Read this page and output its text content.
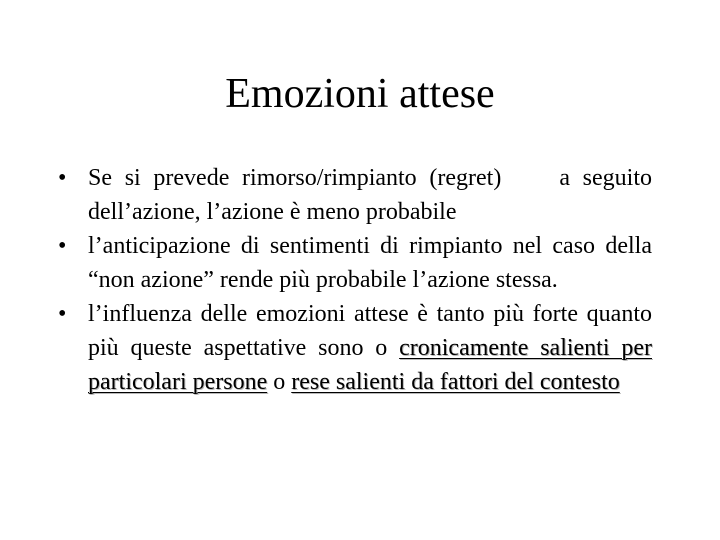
Emozioni attese
• Se si prevede rimorso/rimpianto (regret) a seguito dell’azione, l’azione è meno probabile
• l’anticipazione di sentimenti di rimpianto nel caso della “non azione” rende più probabile l’azione stessa.
• l’influenza delle emozioni attese è tanto più forte quanto più queste aspettative sono o cronicamente salienti per particolari persone o rese salienti da fattori del contesto
